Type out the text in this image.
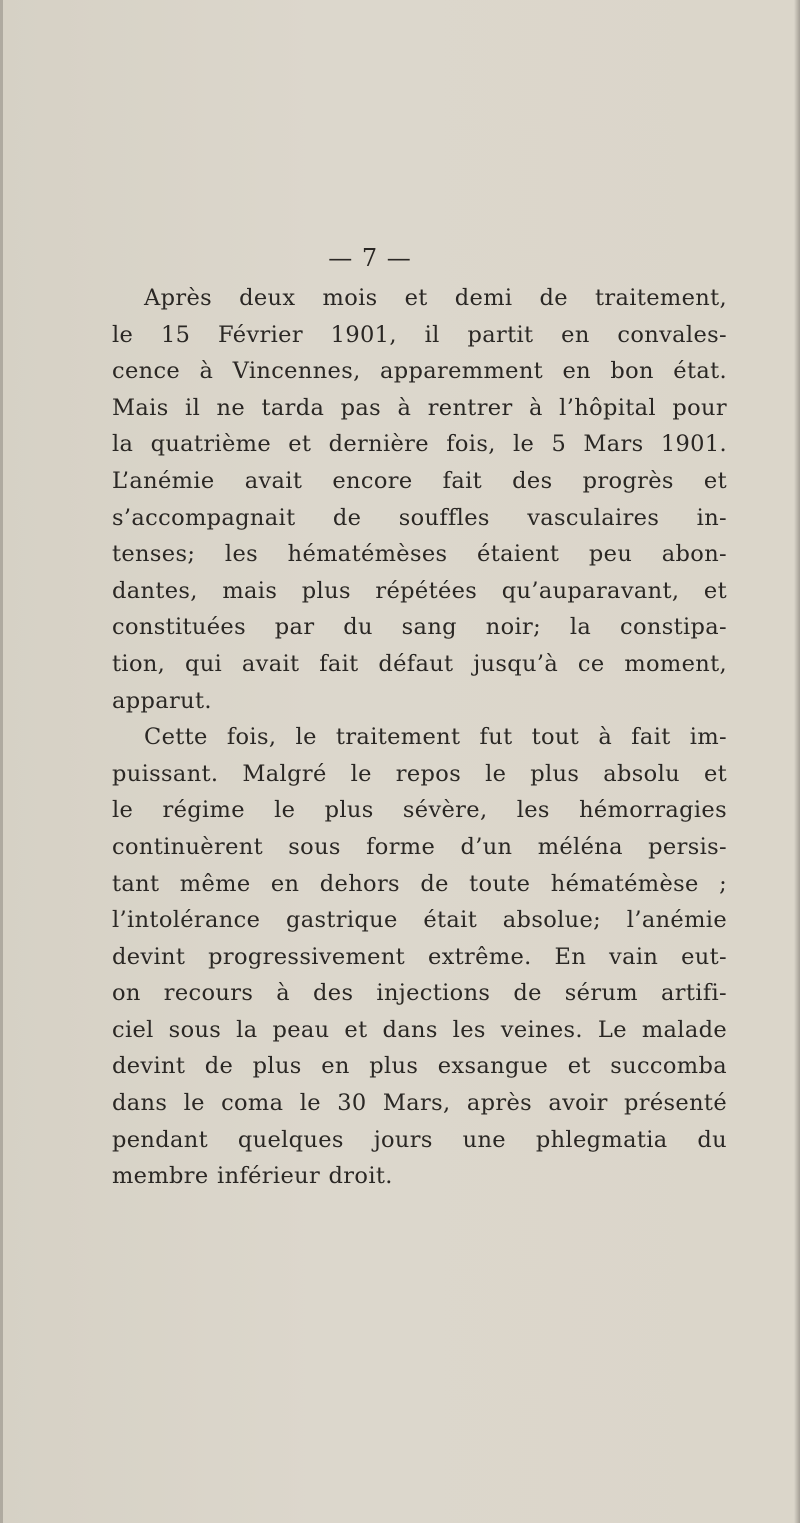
— 7 —
Après deux mois et demi de traitement,
le 15 Février 1901, il partit en convales-
cence à Vincennes, apparemment en bon état.
Mais il ne tarda pas à rentrer à l’hôpital pour
la quatrième et dernière fois, le 5 Mars 1901.
L’anémie avait encore fait des progrès et
s’accompagnait de souffles vasculaires in-
tenses; les hématémèses étaient peu abon-
dantes, mais plus répétées qu’auparavant, et
constituées par du sang noir; la constipa-
tion, qui avait fait défaut jusqu’à ce moment,
apparut.
Cette fois, le traitement fut tout à fait im-
puissant. Malgré le repos le plus absolu et
le régime le plus sévère, les hémorragies
continuèrent sous forme d’un méléna persis-
tant même en dehors de toute hématémèse ;
l’intolérance gastrique était absolue; l’anémie
devint progressivement extrême. En vain eut-
on recours à des injections de sérum artifi-
ciel sous la peau et dans les veines. Le malade
devint de plus en plus exsangue et succomba
dans le coma le 30 Mars, après avoir présenté
pendant quelques jours une phlegmatia du
membre inférieur droit.
